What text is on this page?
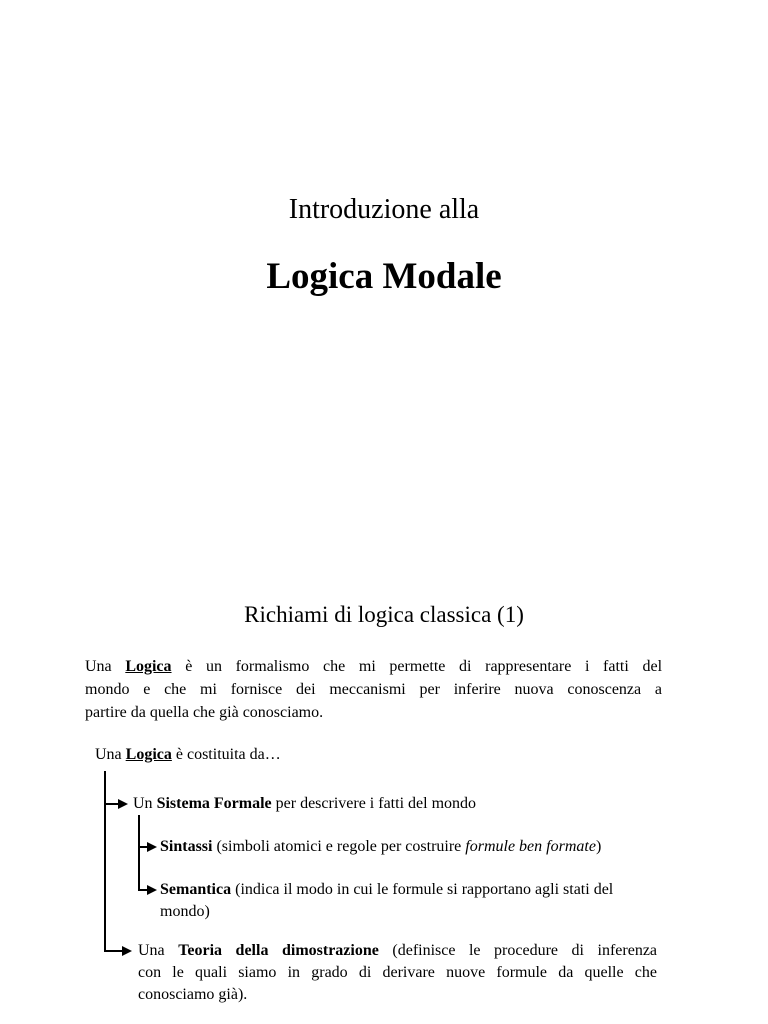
Introduzione alla
Logica Modale
Richiami di logica classica (1)
Una Logica è un formalismo che mi permette di rappresentare i fatti del
mondo e che mi fornisce dei meccanismi per inferire nuova conoscenza a
partire da quella che già conosciamo.
Una Logica è costituita da…
Un Sistema Formale per descrivere i fatti del mondo
Sintassi (simboli atomici e regole per costruire formule ben formate)
Semantica (indica il modo in cui le formule si rapportano agli stati del mondo)
Una Teoria della dimostrazione (definisce le procedure di inferenza
con le quali siamo in grado di derivare nuove formule da quelle che
conosciamo già).
